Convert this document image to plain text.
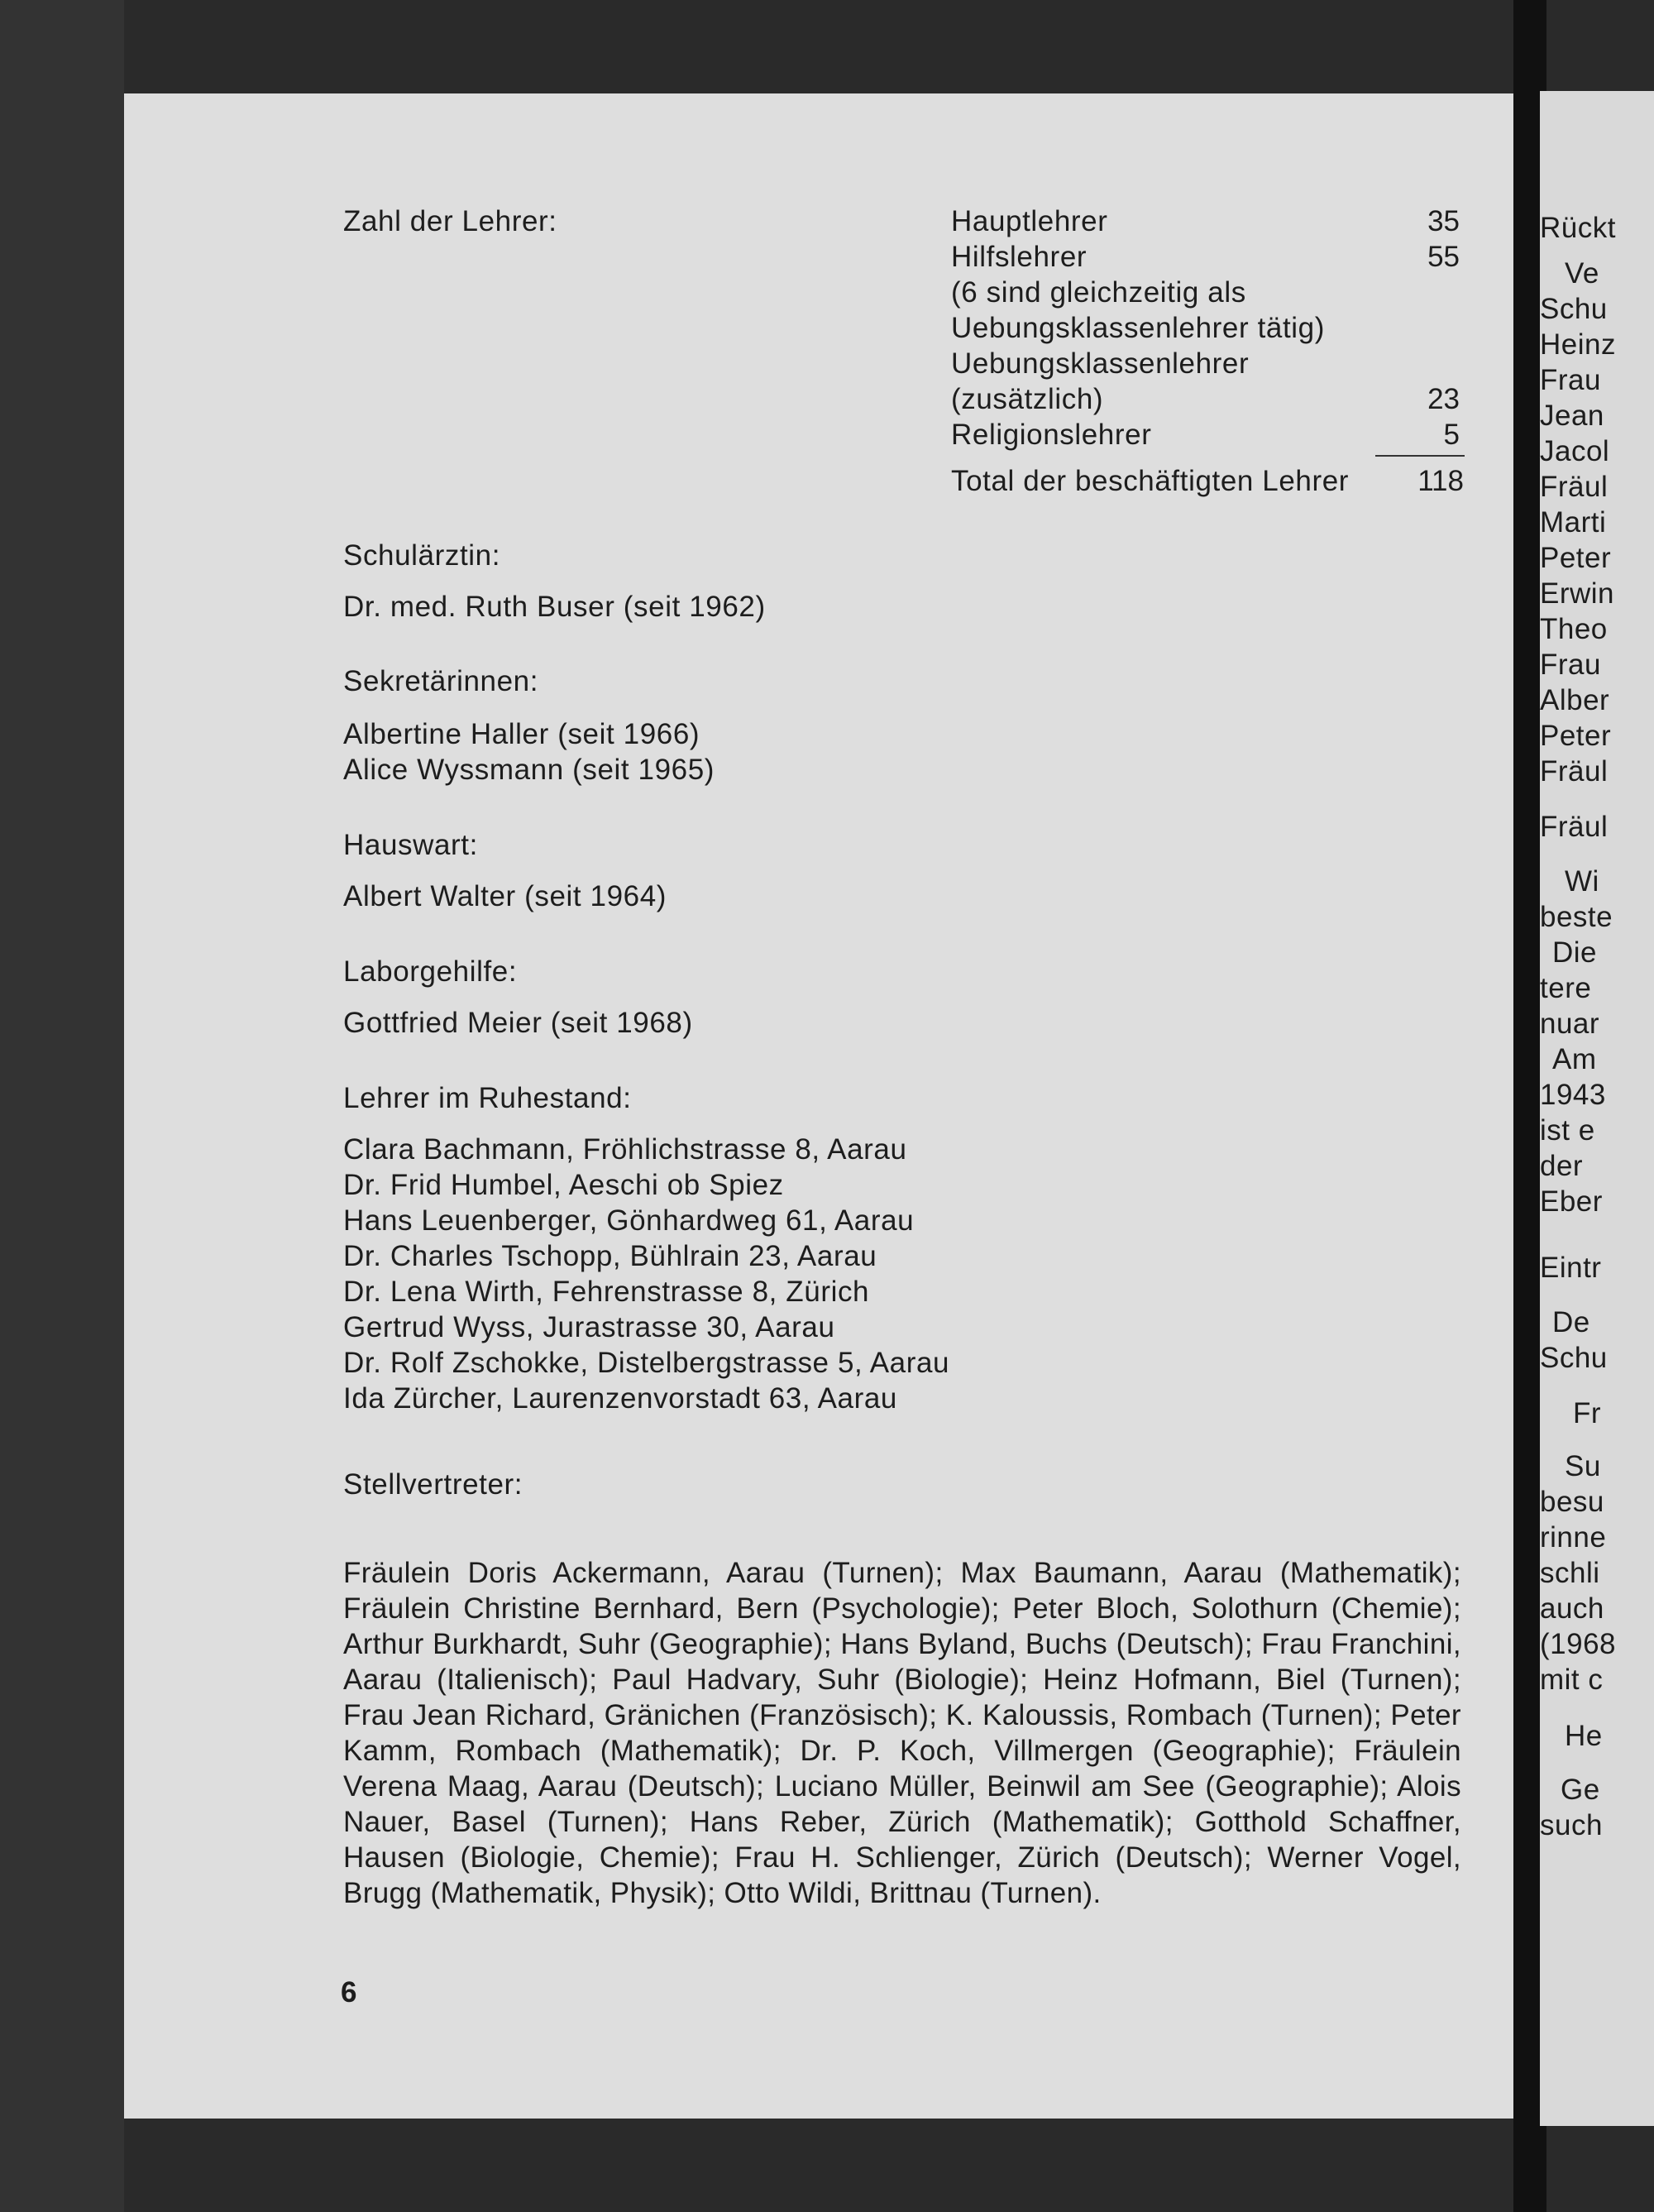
Zahl der Lehrer:	Hauptlehrer	35
Hilfslehrer	55
(6 sind gleichzeitig als
Uebungsklassenlehrer tätig)
Uebungsklassenlehrer
(zusätzlich)	23
Religionslehrer	5
Total der beschäftigten Lehrer	118
Schulärztin:
Dr. med. Ruth Buser (seit 1962)
Sekretärinnen:
Albertine Haller (seit 1966)
Alice Wyssmann (seit 1965)
Hauswart:
Albert Walter (seit 1964)
Laborgehilfe:
Gottfried Meier (seit 1968)
Lehrer im Ruhestand:
Clara Bachmann, Fröhlichstrasse 8, Aarau
Dr. Frid Humbel, Aeschi ob Spiez
Hans Leuenberger, Gönhardweg 61, Aarau
Dr. Charles Tschopp, Bühlrain 23, Aarau
Dr. Lena Wirth, Fehrenstrasse 8, Zürich
Gertrud Wyss, Jurastrasse 30, Aarau
Dr. Rolf Zschokke, Distelbergstrasse 5, Aarau
Ida Zürcher, Laurenzenvorstadt 63, Aarau
Stellvertreter:
6
Fräulein Doris Ackermann, Aarau (Turnen); Max Baumann, Aarau (Mathematik); Fräulein Christine Bernhard, Bern (Psychologie); Peter Bloch, Solothurn (Chemie); Arthur Burkhardt, Suhr (Geographie); Hans Byland, Buchs (Deutsch); Frau Franchini, Aarau (Italienisch); Paul Hadvary, Suhr (Biologie); Heinz Hofmann, Biel (Turnen); Frau Jean Richard, Gränichen (Französisch); K. Kaloussis, Rombach (Turnen); Peter Kamm, Rombach (Mathematik); Dr. P. Koch, Villmergen (Geographie); Fräulein Verena Maag, Aarau (Deutsch); Luciano Müller, Beinwil am See (Geographie); Alois Nauer, Basel (Turnen); Hans Reber, Zürich (Mathematik); Gotthold Schaffner, Hausen (Biologie, Chemie); Frau H. Schlienger, Zürich (Deutsch); Werner Vogel, Brugg (Mathematik, Physik); Otto Wildi, Brittnau (Turnen).
Rückt
Ve
Schu
Heinz
Frau
Jean
Jacol
Fräul
Marti
Peter
Erwin
Theo
Frau
Alber
Peter
Fräul
Fräul
Wi
beste
Die
tere
nuar
Am
1943
ist e
der
Eber
Eintr
De
Schu
Fr
Su
besu
rinne
schli
auch
(1968
mit c
He
Ge
such
